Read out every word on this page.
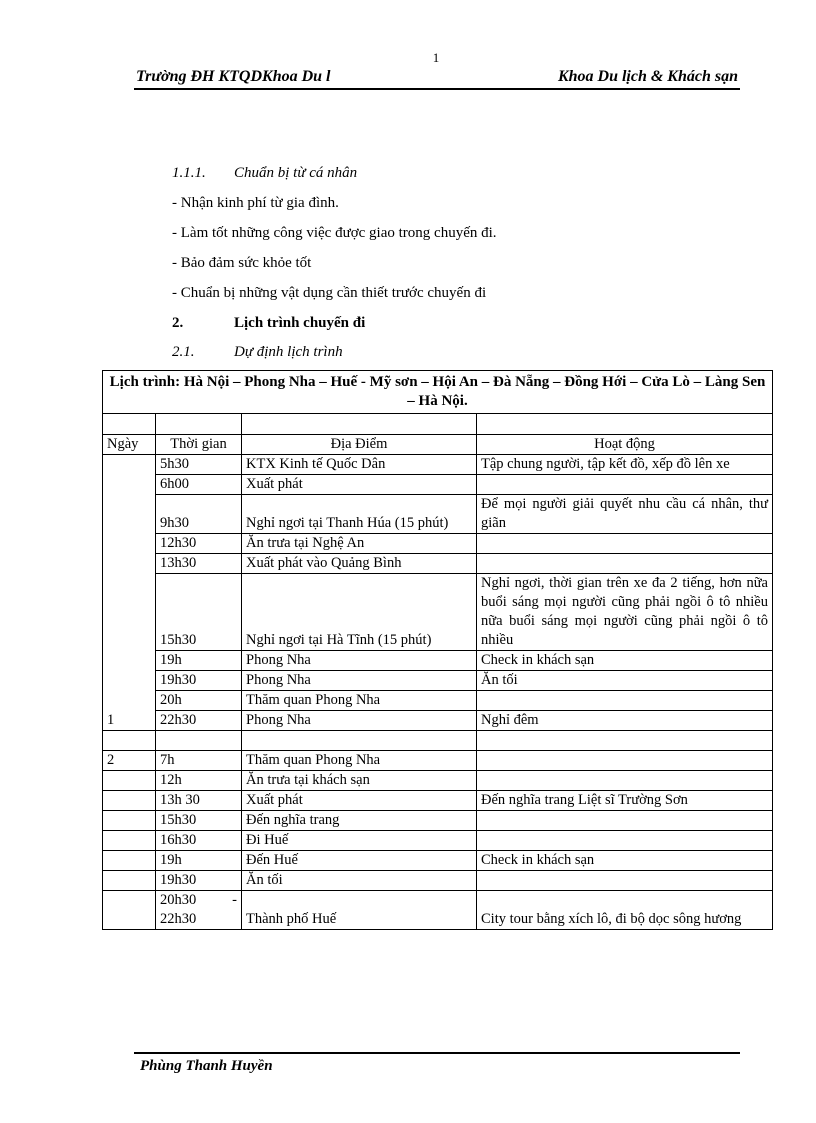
1
Trường ĐH KTQDKhoa Du l	Khoa Du lịch & Khách sạn
1.1.1. Chuẩn bị từ cá nhân
- Nhận kinh phí từ gia đình.
- Làm tốt những công việc được giao trong chuyến đi.
- Bảo đảm sức khỏe tốt
- Chuẩn bị những vật dụng cần thiết trước chuyến đi
2.	Lịch trình chuyến đi
2.1.	Dự định lịch trình
Lịch trình: Hà Nội – Phong Nha – Huế - Mỹ sơn – Hội An – Đà Nẵng – Đồng Hới – Cửa Lò – Làng Sen – Hà Nội.			

Ngày	Thời gian	Địa Điểm	Hoạt động
1	5h30	KTX Kinh tế Quốc Dân	Tập chung người, tập kết đồ, xếp đồ lên xe
	6h00	Xuất phát	
	9h30	Nghỉ ngơi tại Thanh Húa (15 phút)	Để mọi người giải quyết nhu cầu cá nhân, thư giãn
	12h30	Ăn trưa tại Nghệ An	
	13h30	Xuất phát vào Quảng Bình	
	15h30	Nghỉ ngơi tại Hà Tĩnh (15 phút)	Nghỉ ngơi, thời gian trên xe đa 2 tiếng, hơn nữa buổi sáng mọi người cũng phải ngồi ô tô nhiều nữa buổi sáng mọi người cũng phải ngồi ô tô nhiều
	19h	Phong Nha	Check in khách sạn
	19h30	Phong Nha	Ăn tối
	20h	Thăm quan Phong Nha	
	22h30	Phong Nha	Nghỉ đêm

2	7h	Thăm quan Phong Nha	
	12h	Ăn trưa tại khách sạn	
	13h 30	Xuất phát	Đến nghĩa trang Liệt sĩ Trường Sơn
	15h30	Đến nghĩa trang	
	16h30	Đi Huế	
	19h	Đến Huế	Check in khách sạn
	19h30	Ăn tối	
	20h30 - 22h30	Thành phố Huế	City tour bằng xích lô, đi bộ dọc sông hương
Phùng Thanh Huyền
